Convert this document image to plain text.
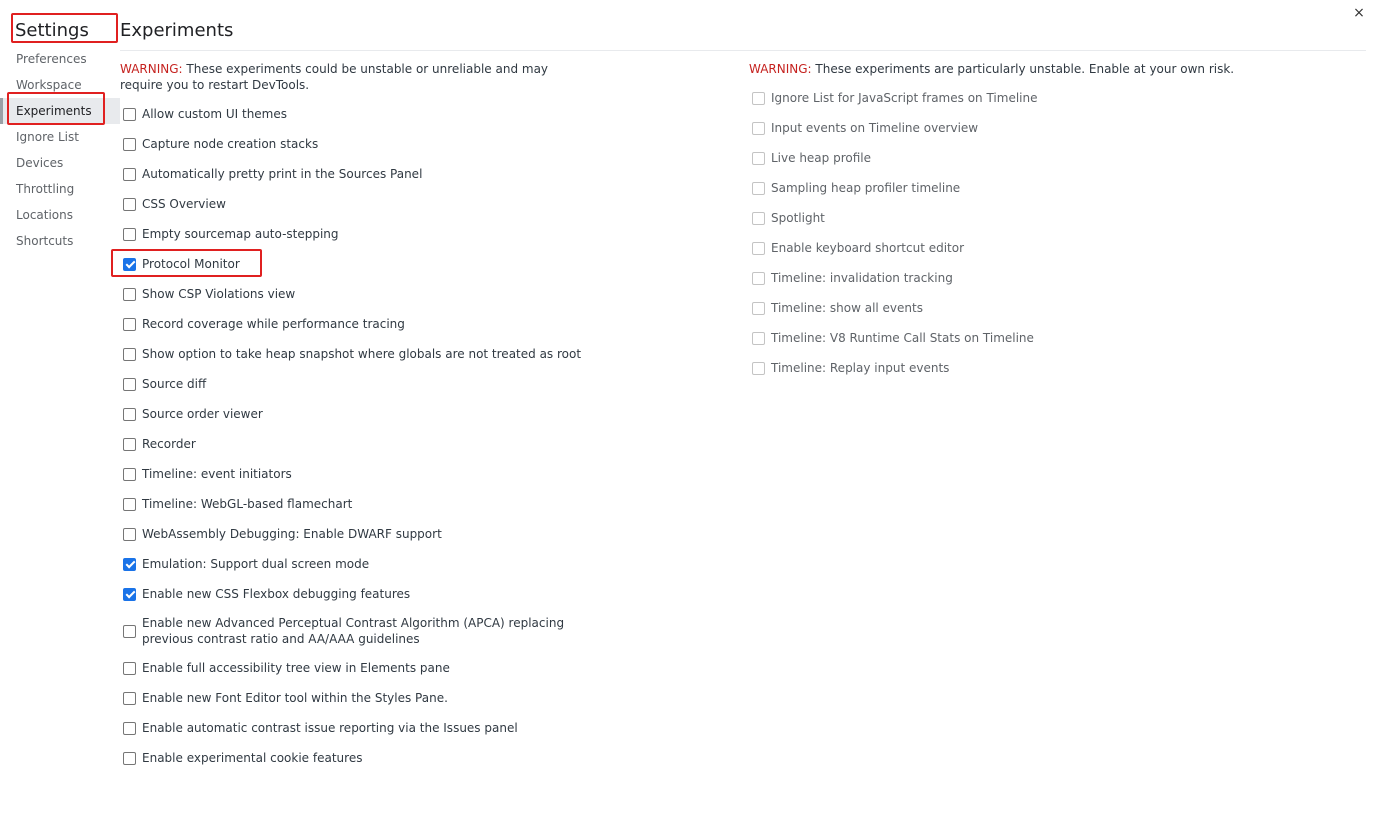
Settings
Preferences
Workspace
Experiments
Ignore List
Devices
Throttling
Locations
Shortcuts
Experiments
×
WARNING: These experiments could be unstable or unreliable and may require you to restart DevTools.
WARNING: These experiments are particularly unstable. Enable at your own risk.
Allow custom UI themes
Capture node creation stacks
Automatically pretty print in the Sources Panel
CSS Overview
Empty sourcemap auto-stepping
Protocol Monitor
Show CSP Violations view
Record coverage while performance tracing
Show option to take heap snapshot where globals are not treated as root
Source diff
Source order viewer
Recorder
Timeline: event initiators
Timeline: WebGL-based flamechart
WebAssembly Debugging: Enable DWARF support
Emulation: Support dual screen mode
Enable new CSS Flexbox debugging features
Enable new Advanced Perceptual Contrast Algorithm (APCA) replacing previous contrast ratio and AA/AAA guidelines
Enable full accessibility tree view in Elements pane
Enable new Font Editor tool within the Styles Pane.
Enable automatic contrast issue reporting via the Issues panel
Enable experimental cookie features
Ignore List for JavaScript frames on Timeline
Input events on Timeline overview
Live heap profile
Sampling heap profiler timeline
Spotlight
Enable keyboard shortcut editor
Timeline: invalidation tracking
Timeline: show all events
Timeline: V8 Runtime Call Stats on Timeline
Timeline: Replay input events
